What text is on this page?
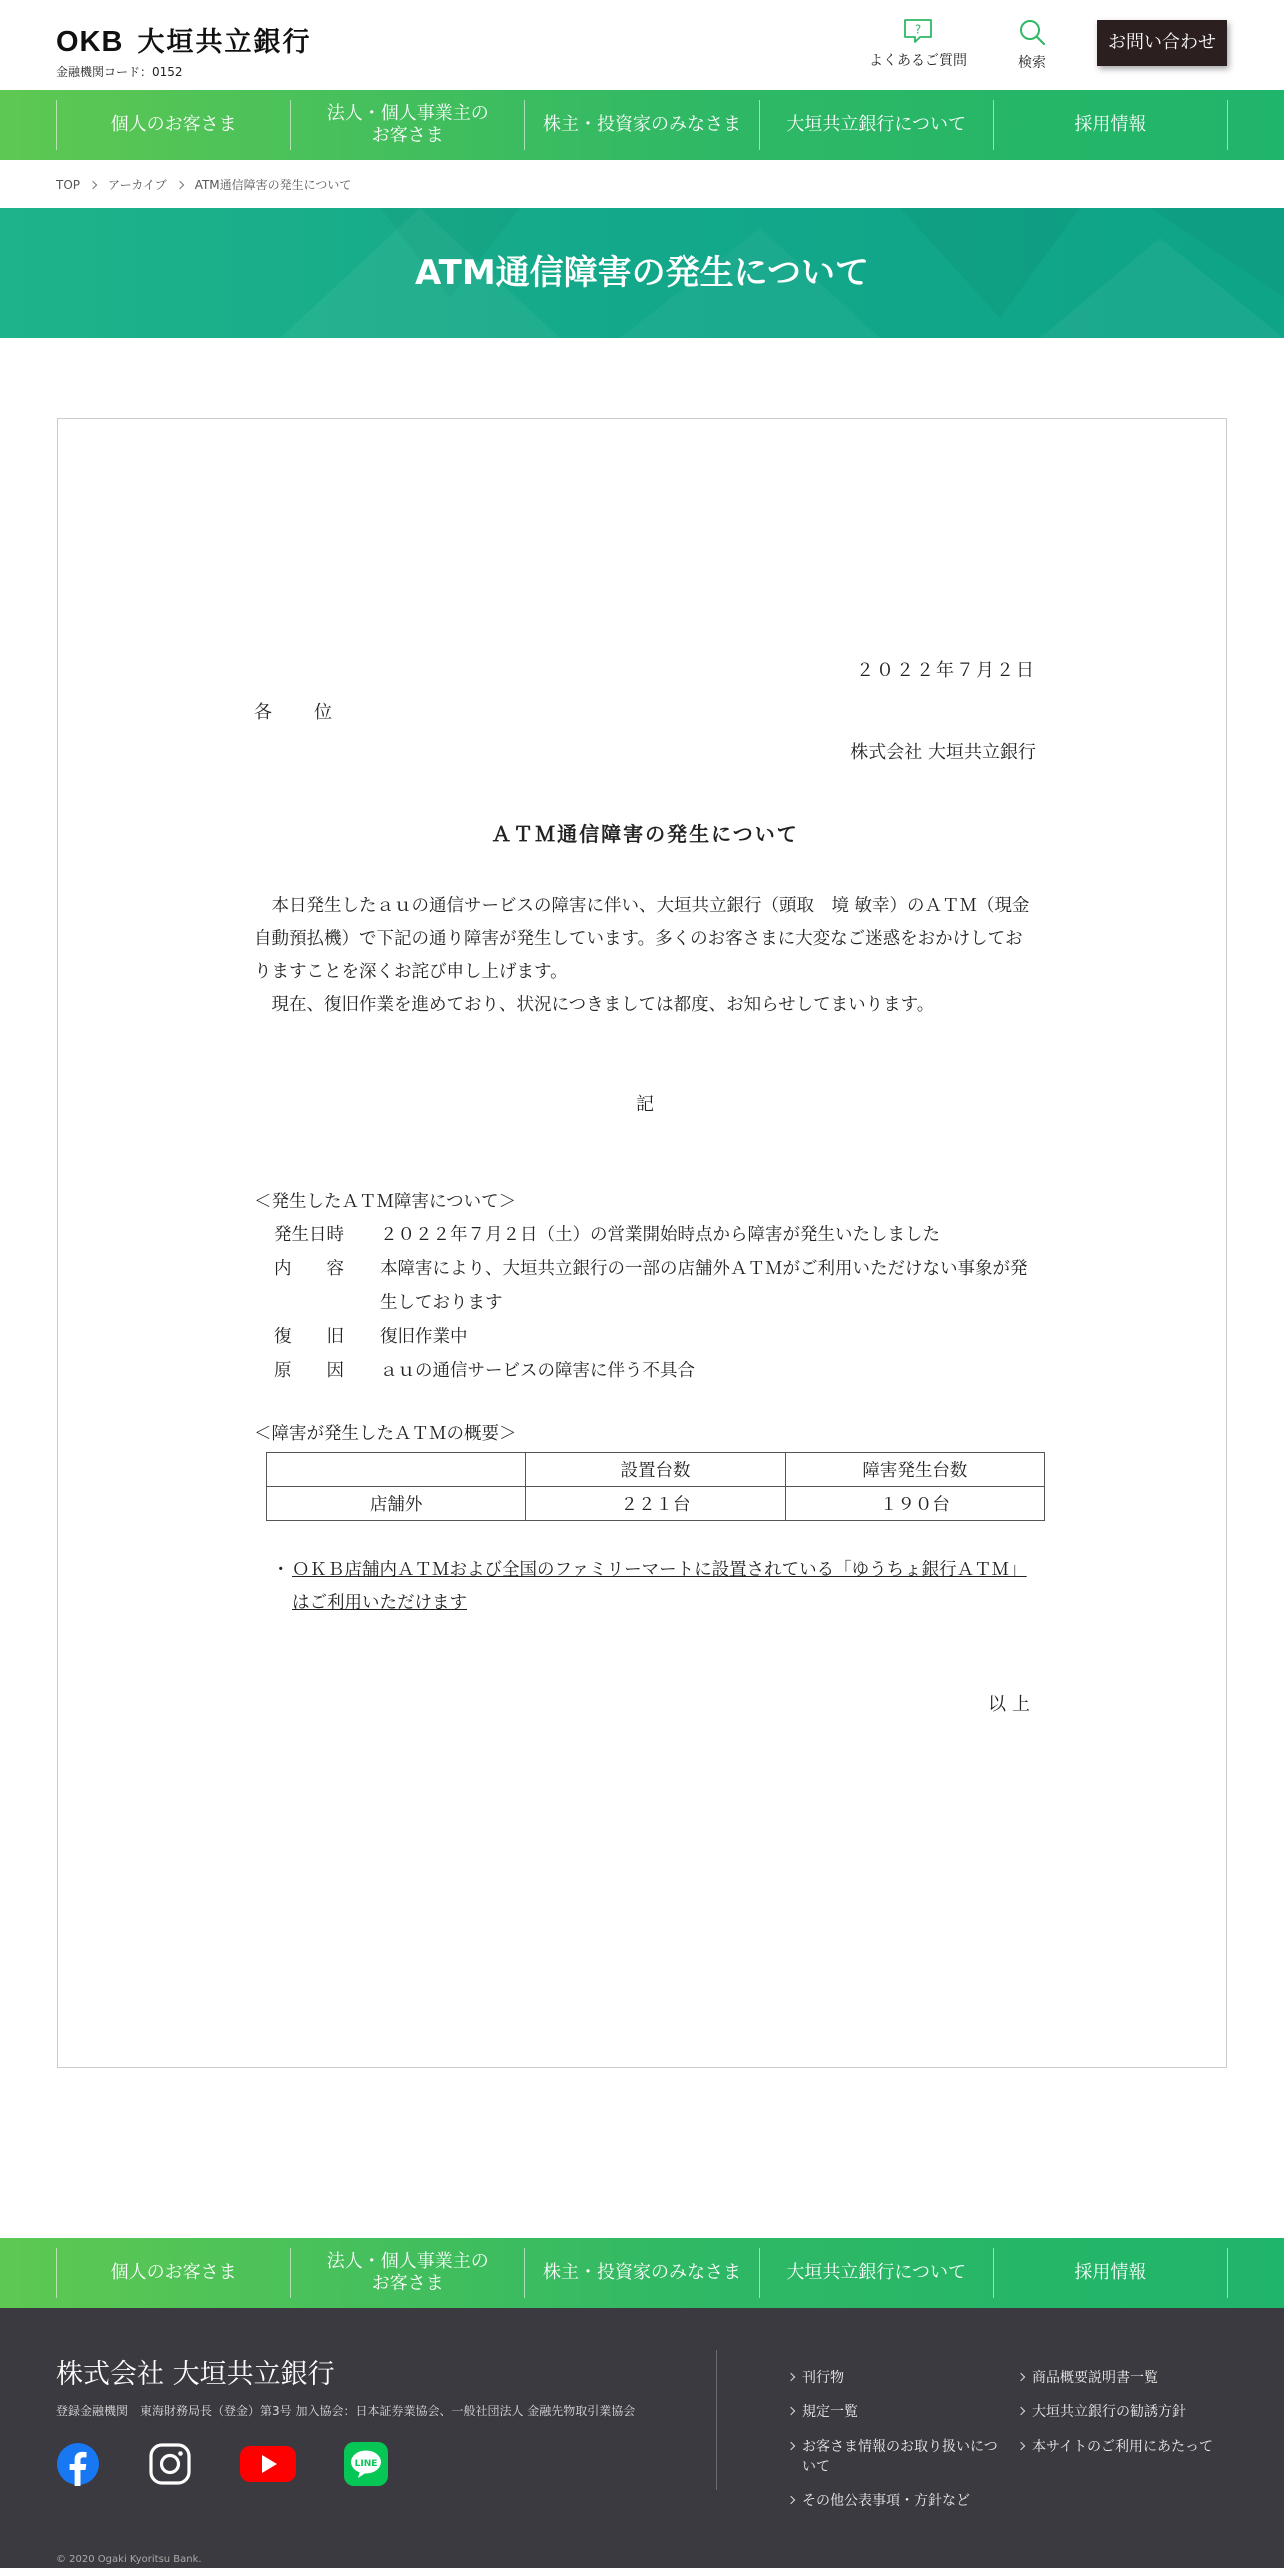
OKB 大垣共立銀行
金融機関コード：0152
?
よくあるご質問	検索
お問い合わせ
個人のお客さま
法人・個人事業主の
お客さま
株主・投資家のみなさま	大垣共立銀行について	採用情報
TOP アーカイブ ATM通信障害の発生について
ATM通信障害の発生について
２０２２年７月２日
各　　位
株式会社 大垣共立銀行
ＡＴＭ通信障害の発生について

本日発生したａｕの通信サービスの障害に伴い、大垣共立銀行（頭取　境 敏幸）のＡＴＭ（現金自動預払機）で下記の通り障害が発生しています。多くのお客さまに大変なご迷惑をおかけしておりますことを深くお詫び申し上げます。

現在、復旧作業を進めており、状況につきましては都度、お知らせしてまいります。

記
＜発生したＡＴＭ障害について＞
発生日時	２０２２年７月２日（土）の営業開始時点から障害が発生いたしました
内　　容	本障害により、大垣共立銀行の一部の店舗外ＡＴＭがご利用いただけない事象が発生しております
復　　旧	復旧作業中
原　　因	ａｕの通信サービスの障害に伴う不具合
＜障害が発生したＡＴＭの概要＞
	設置台数	障害発生台数
店舗外	２２１台	１９０台
・ ＯＫＢ店舗内ＡＴＭおよび全国のファミリーマートに設置されている「ゆうちょ銀行ＡＴＭ」はご利用いただけます
以上
個人のお客さま
法人・個人事業主の
お客さま
株主・投資家のみなさま	大垣共立銀行について	採用情報
株式会社 大垣共立銀行
登録金融機関　東海財務局長（登金）第3号 加入協会：日本証券業協会、一般社団法人 金融先物取引業協会
LINE
刊行物
規定一覧
お客さま情報のお取り扱いについて
その他公表事項・方針など
商品概要説明書一覧
大垣共立銀行の勧誘方針
本サイトのご利用にあたって
© 2020 Ogaki Kyoritsu Bank.
